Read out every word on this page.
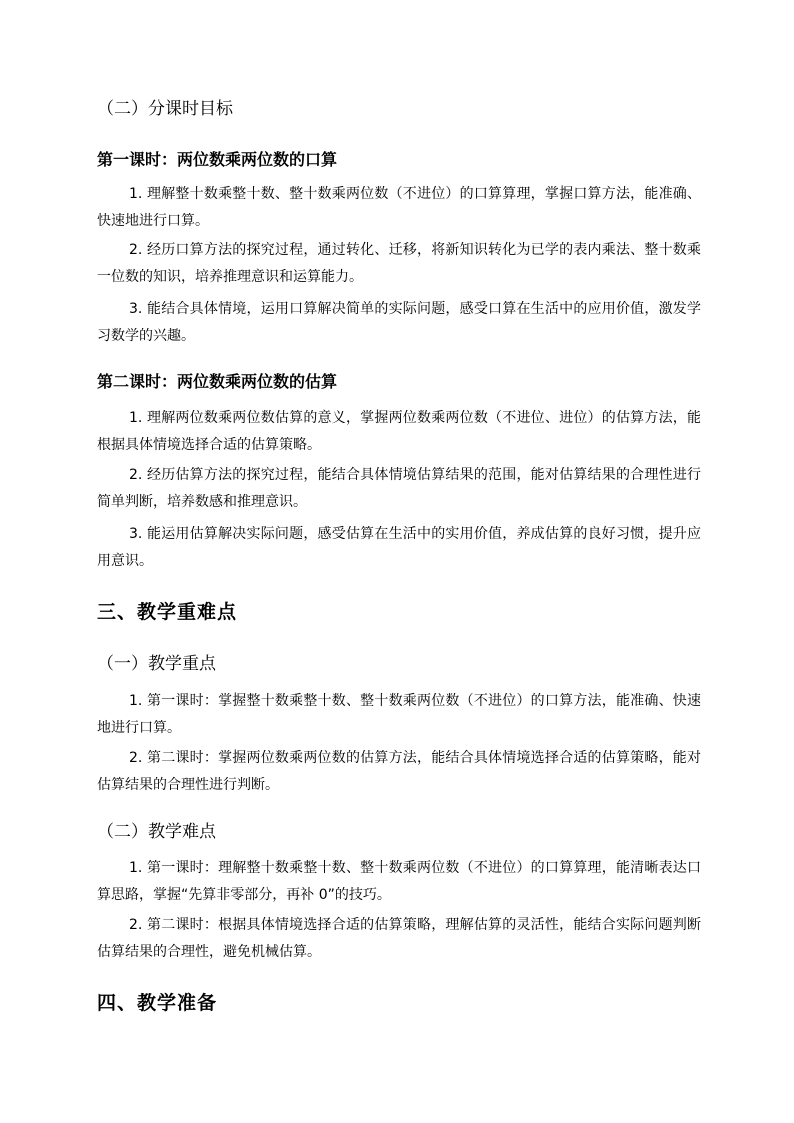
（二）分课时目标
第一课时：两位数乘两位数的口算
1. 理解整十数乘整十数、整十数乘两位数（不进位）的口算算理，掌握口算方法，能准确、快速地进行口算。
2. 经历口算方法的探究过程，通过转化、迁移，将新知识转化为已学的表内乘法、整十数乘一位数的知识，培养推理意识和运算能力。
3. 能结合具体情境，运用口算解决简单的实际问题，感受口算在生活中的应用价值，激发学习数学的兴趣。
第二课时：两位数乘两位数的估算
1. 理解两位数乘两位数估算的意义，掌握两位数乘两位数（不进位、进位）的估算方法，能根据具体情境选择合适的估算策略。
2. 经历估算方法的探究过程，能结合具体情境估算结果的范围，能对估算结果的合理性进行简单判断，培养数感和推理意识。
3. 能运用估算解决实际问题，感受估算在生活中的实用价值，养成估算的良好习惯，提升应用意识。
三、教学重难点
（一）教学重点
1. 第一课时：掌握整十数乘整十数、整十数乘两位数（不进位）的口算方法，能准确、快速地进行口算。
2. 第二课时：掌握两位数乘两位数的估算方法，能结合具体情境选择合适的估算策略，能对估算结果的合理性进行判断。
（二）教学难点
1. 第一课时：理解整十数乘整十数、整十数乘两位数（不进位）的口算算理，能清晰表达口算思路，掌握“先算非零部分，再补 0”的技巧。
2. 第二课时：根据具体情境选择合适的估算策略，理解估算的灵活性，能结合实际问题判断估算结果的合理性，避免机械估算。
四、教学准备
